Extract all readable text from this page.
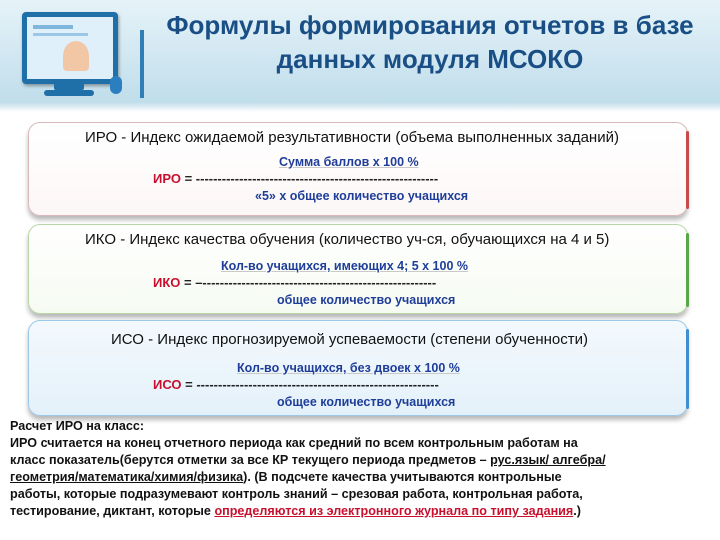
Формулы формирования отчетов в базе
данных модуля МСОКО
ИРО - Индекс ожидаемой результативности (объема выполненных заданий)
Сумма баллов х 100 %
ИРО = --------------------------------------------------------
«5» х общее количество учащихся
ИКО - Индекс качества обучения (количество уч-ся, обучающихся на 4 и 5)
Кол-во учащихся, имеющих 4; 5 х 100 %
ИКО = –------------------------------------------------------
общее количество учащихся
ИСО - Индекс прогнозируемой успеваемости (степени обученности)
Кол-во учащихся, без двоек х 100 %
ИСО = --------------------------------------------------------
общее количество учащихся

Расчет ИРО на класс:

ИРО считается на конец отчетного периода как средний по всем контрольным работам на класс показатель(берутся отметки за все КР текущего периода предметов – рус.язык/ алгебра/геометрия/математика/химия/физика). (В подсчете качества учитываются контрольные работы, которые подразумевают контроль знаний – срезовая работа, контрольная работа, тестирование, диктант, которые определяются из электронного журнала по типу задания.)
